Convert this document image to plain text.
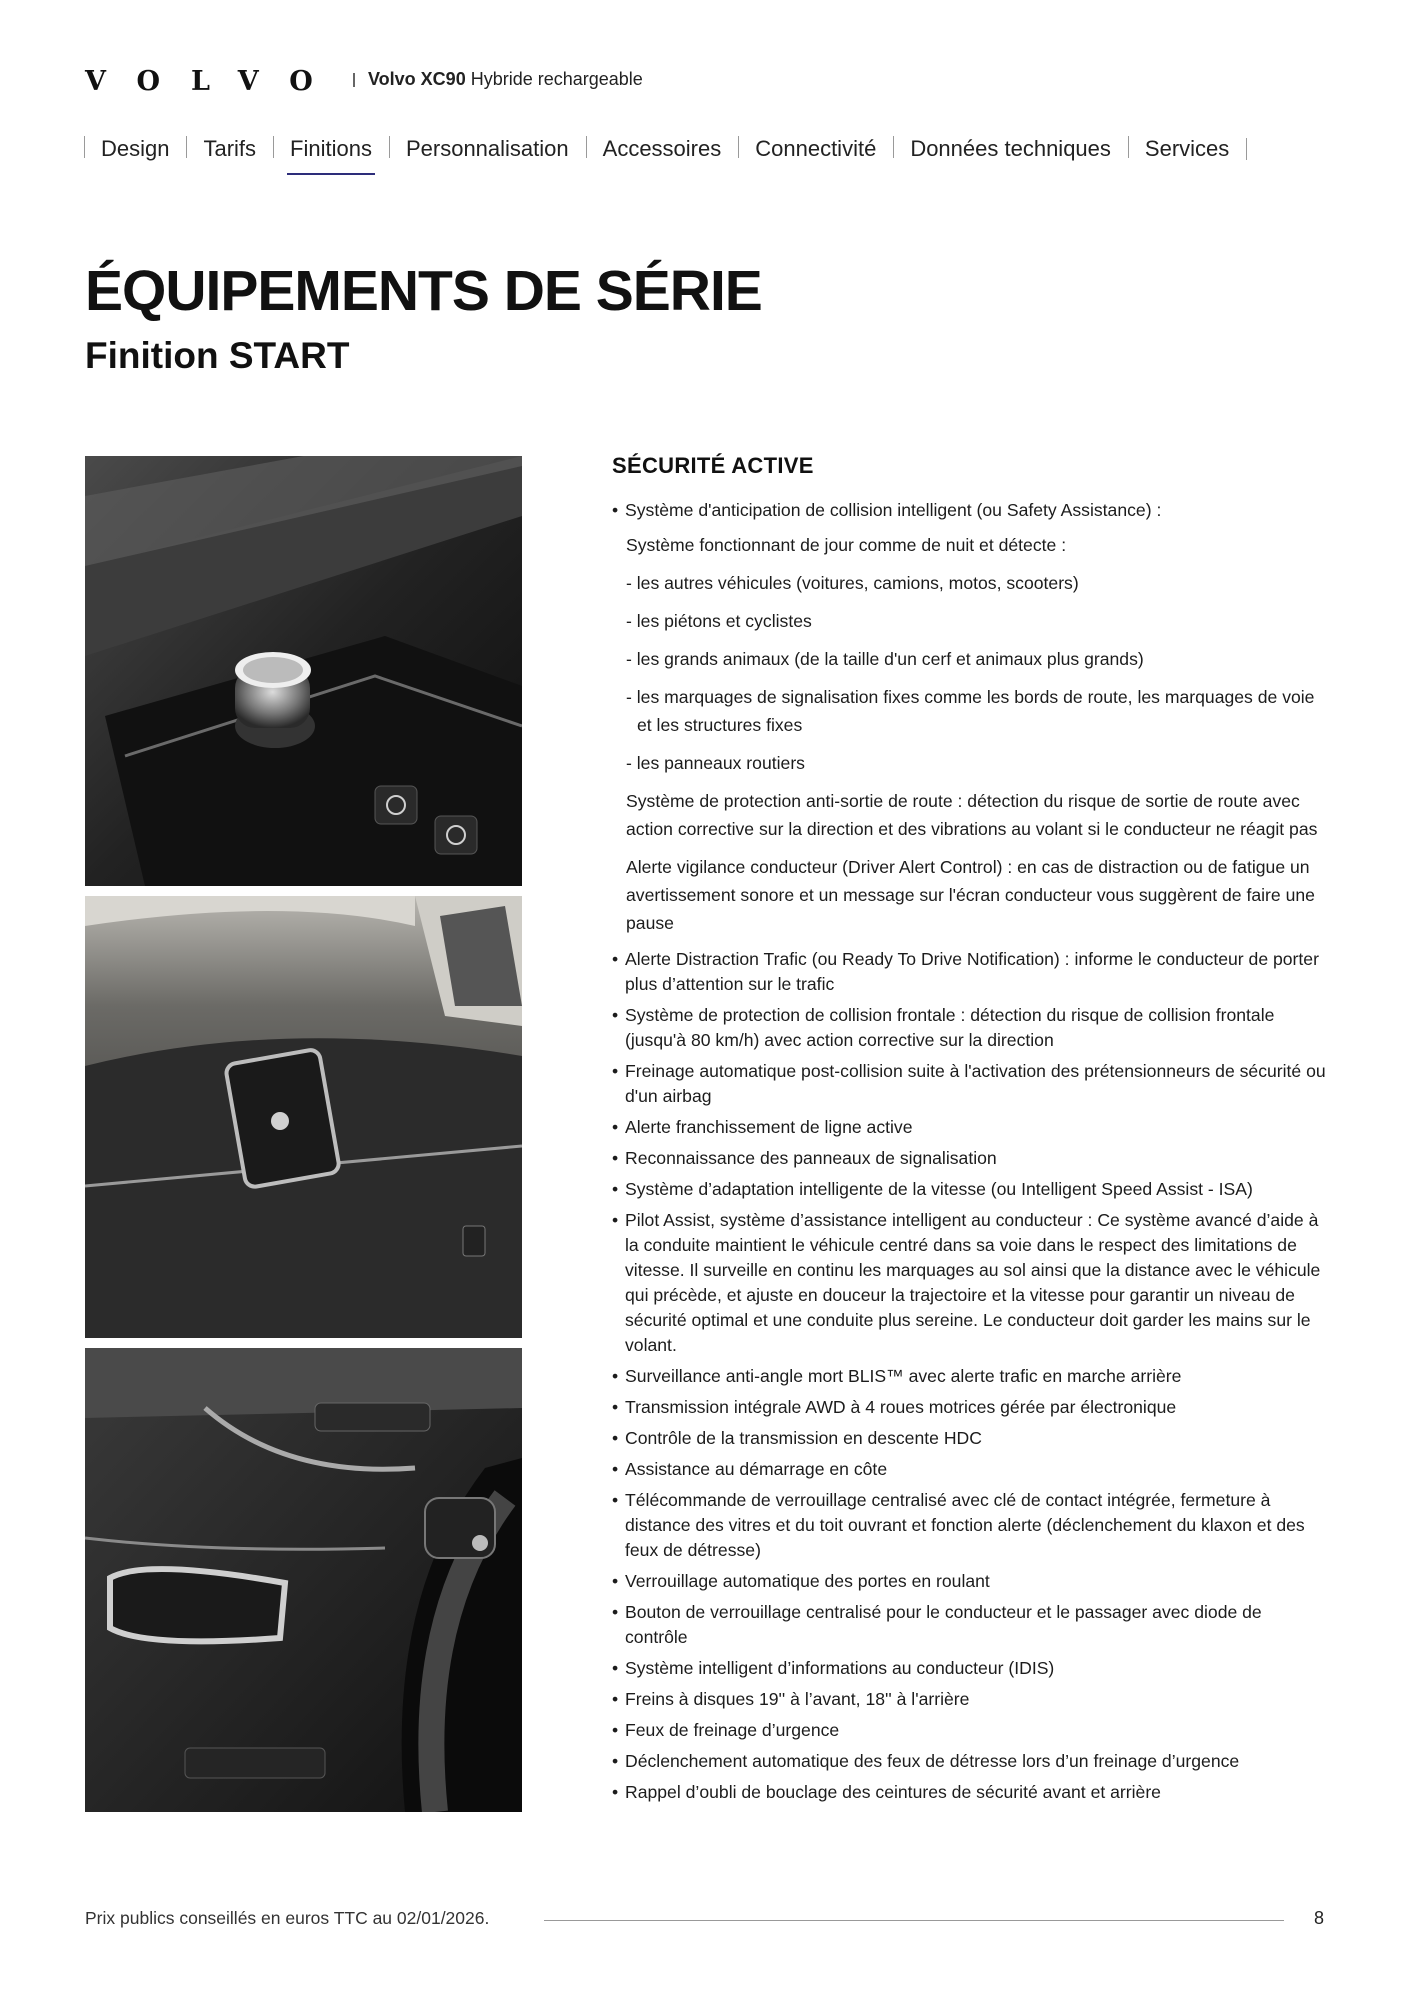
VOLVO Volvo XC90 Hybride rechargeable
Design	Tarifs	Finitions	Personnalisation	Accessoires	Connectivité	Données techniques	Services
ÉQUIPEMENTS DE SÉRIE
Finition START
SÉCURITÉ ACTIVE
• Système d'anticipation de collision intelligent (ou Safety Assistance) :
Système fonctionnant de jour comme de nuit et détecte :
- les autres véhicules (voitures, camions, motos, scooters)
- les piétons et cyclistes
- les grands animaux (de la taille d'un cerf et animaux plus grands)
- les marquages de signalisation fixes comme les bords de route, les marquages de voie et les structures fixes
- les panneaux routiers
Système de protection anti-sortie de route : détection du risque de sortie de route avec action corrective sur la direction et des vibrations au volant si le conducteur ne réagit pas
Alerte vigilance conducteur (Driver Alert Control) : en cas de distraction ou de fatigue un avertissement sonore et un message sur l'écran conducteur vous suggèrent de faire une pause
• Alerte Distraction Trafic (ou Ready To Drive Notification) : informe le conducteur de porter plus d’attention sur le trafic
• Système de protection de collision frontale : détection du risque de collision frontale (jusqu'à 80 km/h) avec action corrective sur la direction
• Freinage automatique post-collision suite à l'activation des prétensionneurs de sécurité ou d'un airbag
• Alerte franchissement de ligne active
• Reconnaissance des panneaux de signalisation
• Système d’adaptation intelligente de la vitesse (ou Intelligent Speed Assist - ISA)
• Pilot Assist, système d’assistance intelligent au conducteur : Ce système avancé d’aide à la conduite maintient le véhicule centré dans sa voie dans le respect des limitations de vitesse. Il surveille en continu les marquages au sol ainsi que la distance avec le véhicule qui précède, et ajuste en douceur la trajectoire et la vitesse pour garantir un niveau de sécurité optimal et une conduite plus sereine. Le conducteur doit garder les mains sur le volant.
• Surveillance anti-angle mort BLIS™ avec alerte trafic en marche arrière
• Transmission intégrale AWD à 4 roues motrices gérée par électronique
• Contrôle de la transmission en descente HDC
• Assistance au démarrage en côte
• Télécommande de verrouillage centralisé avec clé de contact intégrée, fermeture à distance des vitres et du toit ouvrant et fonction alerte (déclenchement du klaxon et des feux de détresse)
• Verrouillage automatique des portes en roulant
• Bouton de verrouillage centralisé pour le conducteur et le passager avec diode de contrôle
• Système intelligent d’informations au conducteur (IDIS)
• Freins à disques 19'' à l’avant, 18'' à l'arrière
• Feux de freinage d’urgence
• Déclenchement automatique des feux de détresse lors d’un freinage d’urgence
• Rappel d’oubli de bouclage des ceintures de sécurité avant et arrière
Prix publics conseillés en euros TTC au 02/01/2026.	8
